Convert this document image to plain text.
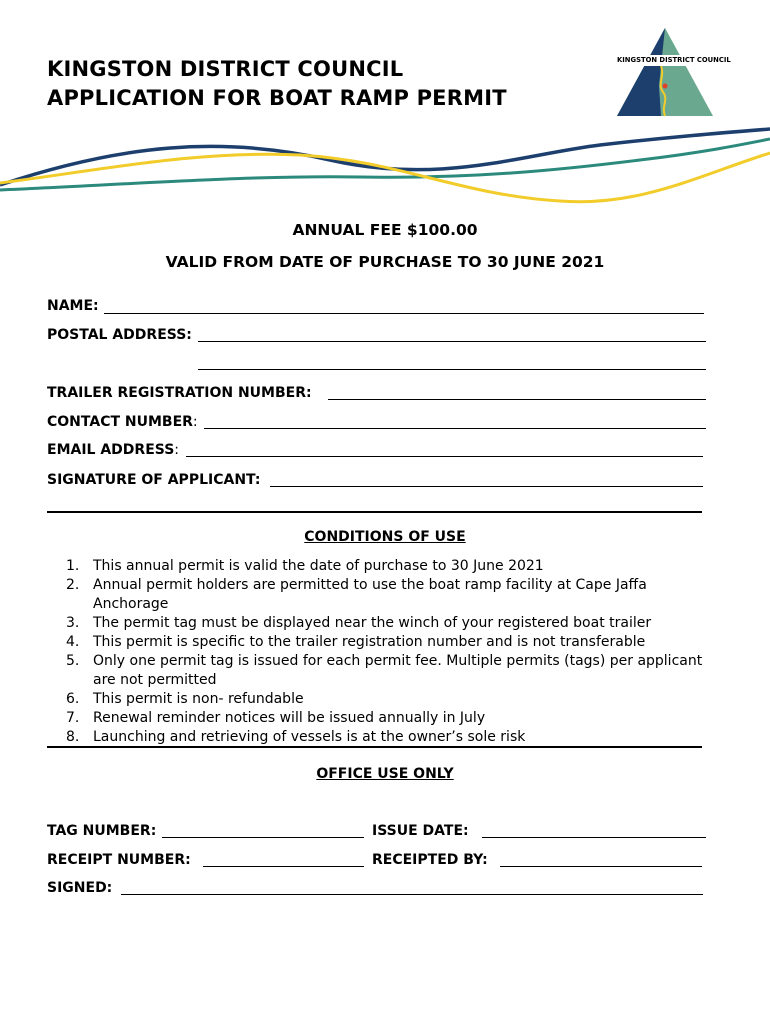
KINGSTON DISTRICT COUNCIL
APPLICATION FOR BOAT RAMP PERMIT
KINGSTON DISTRICT COUNCIL
ANNUAL FEE $100.00
VALID FROM DATE OF PURCHASE TO 30 JUNE 2021
NAME:
POSTAL ADDRESS:
TRAILER REGISTRATION NUMBER:
CONTACT NUMBER:
EMAIL ADDRESS:
SIGNATURE OF APPLICANT:
CONDITIONS OF USE
1. This annual permit is valid the date of purchase to 30 June 2021
2. Annual permit holders are permitted to use the boat ramp facility at Cape Jaffa Anchorage
3. The permit tag must be displayed near the winch of your registered boat trailer
4. This permit is specific to the trailer registration number and is not transferable
5. Only one permit tag is issued for each permit fee. Multiple permits (tags) per applicant are not permitted
6. This permit is non- refundable
7. Renewal reminder notices will be issued annually in July
8. Launching and retrieving of vessels is at the owner’s sole risk
OFFICE USE ONLY
TAG NUMBER:	ISSUE DATE:
RECEIPT NUMBER:	RECEIPTED BY:
SIGNED:
